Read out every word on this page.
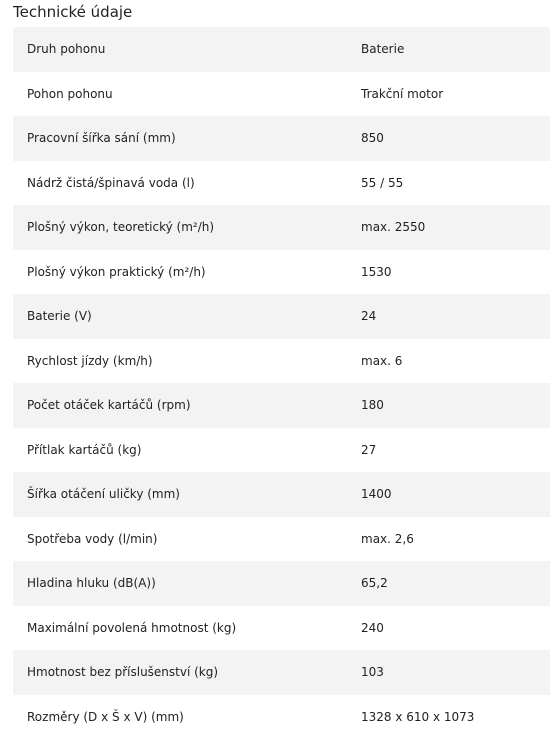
Technické údaje
Druh pohonu	Baterie
Pohon pohonu	Trakční motor
Pracovní šířka sání (mm)	850
Nádrž čistá/špinavá voda (l)	55 / 55
Plošný výkon, teoretický (m²/h)	max. 2550
Plošný výkon praktický (m²/h)	1530
Baterie (V)	24
Rychlost jízdy (km/h)	max. 6
Počet otáček kartáčů (rpm)	180
Přítlak kartáčů (kg)	27
Šířka otáčení uličky (mm)	1400
Spotřeba vody (l/min)	max. 2,6
Hladina hluku (dB(A))	65,2
Maximální povolená hmotnost (kg)	240
Hmotnost bez příslušenství (kg)	103
Rozměry (D x Š x V) (mm)	1328 x 610 x 1073
